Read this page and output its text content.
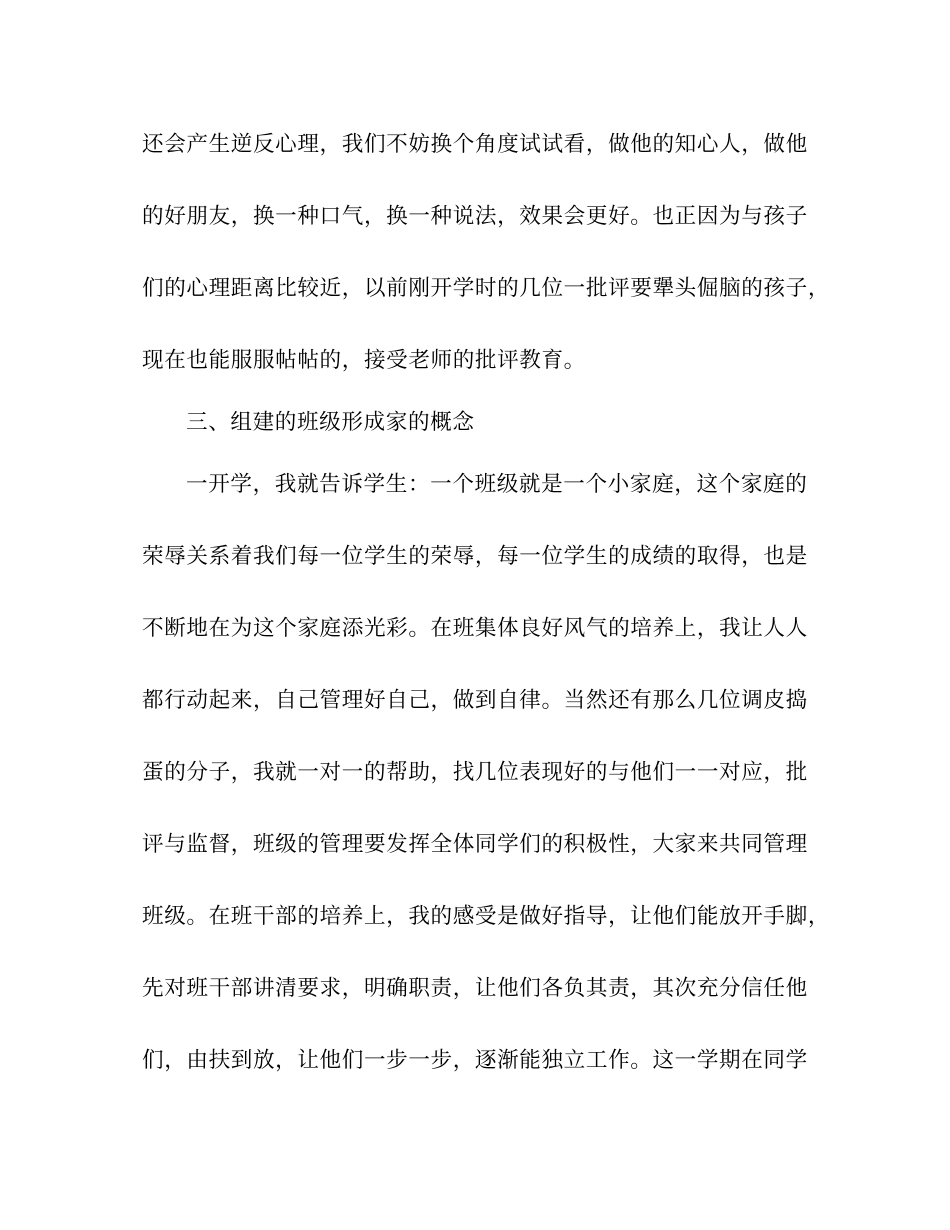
还会产生逆反心理，我们不妨换个角度试试看，做他的知心人，做他
的好朋友，换一种口气，换一种说法，效果会更好。也正因为与孩子
们的心理距离比较近，以前刚开学时的几位一批评要犟头倔脑的孩子，
现在也能服服帖帖的，接受老师的批评教育。
三、组建的班级形成家的概念
一开学，我就告诉学生：一个班级就是一个小家庭，这个家庭的
荣辱关系着我们每一位学生的荣辱，每一位学生的成绩的取得，也是
不断地在为这个家庭添光彩。在班集体良好风气的培养上，我让人人
都行动起来，自己管理好自己，做到自律。当然还有那么几位调皮捣
蛋的分子，我就一对一的帮助，找几位表现好的与他们一一对应，批
评与监督，班级的管理要发挥全体同学们的积极性，大家来共同管理
班级。在班干部的培养上，我的感受是做好指导，让他们能放开手脚，
先对班干部讲清要求，明确职责，让他们各负其责，其次充分信任他
们，由扶到放，让他们一步一步，逐渐能独立工作。这一学期在同学
